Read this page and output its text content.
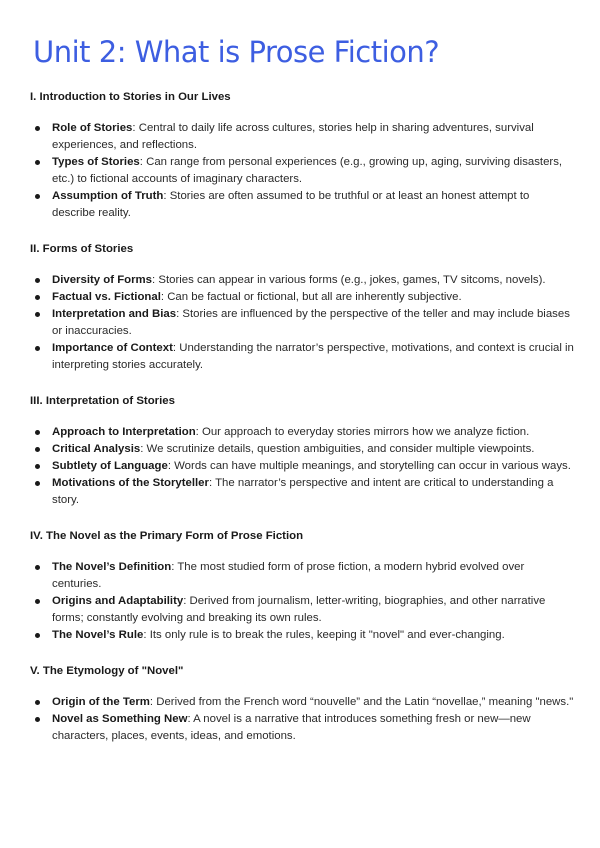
Unit 2: What is Prose Fiction?
I. Introduction to Stories in Our Lives
Role of Stories: Central to daily life across cultures, stories help in sharing adventures, survival experiences, and reflections.
Types of Stories: Can range from personal experiences (e.g., growing up, aging, surviving disasters, etc.) to fictional accounts of imaginary characters.
Assumption of Truth: Stories are often assumed to be truthful or at least an honest attempt to describe reality.
II. Forms of Stories
Diversity of Forms: Stories can appear in various forms (e.g., jokes, games, TV sitcoms, novels).
Factual vs. Fictional: Can be factual or fictional, but all are inherently subjective.
Interpretation and Bias: Stories are influenced by the perspective of the teller and may include biases or inaccuracies.
Importance of Context: Understanding the narrator’s perspective, motivations, and context is crucial in interpreting stories accurately.
III. Interpretation of Stories
Approach to Interpretation: Our approach to everyday stories mirrors how we analyze fiction.
Critical Analysis: We scrutinize details, question ambiguities, and consider multiple viewpoints.
Subtlety of Language: Words can have multiple meanings, and storytelling can occur in various ways.
Motivations of the Storyteller: The narrator’s perspective and intent are critical to understanding a story.
IV. The Novel as the Primary Form of Prose Fiction
The Novel’s Definition: The most studied form of prose fiction, a modern hybrid evolved over centuries.
Origins and Adaptability: Derived from journalism, letter-writing, biographies, and other narrative forms; constantly evolving and breaking its own rules.
The Novel’s Rule: Its only rule is to break the rules, keeping it "novel" and ever-changing.
V. The Etymology of "Novel"
Origin of the Term: Derived from the French word “nouvelle” and the Latin “novellae,” meaning "news."
Novel as Something New: A novel is a narrative that introduces something fresh or new—new characters, places, events, ideas, and emotions.
